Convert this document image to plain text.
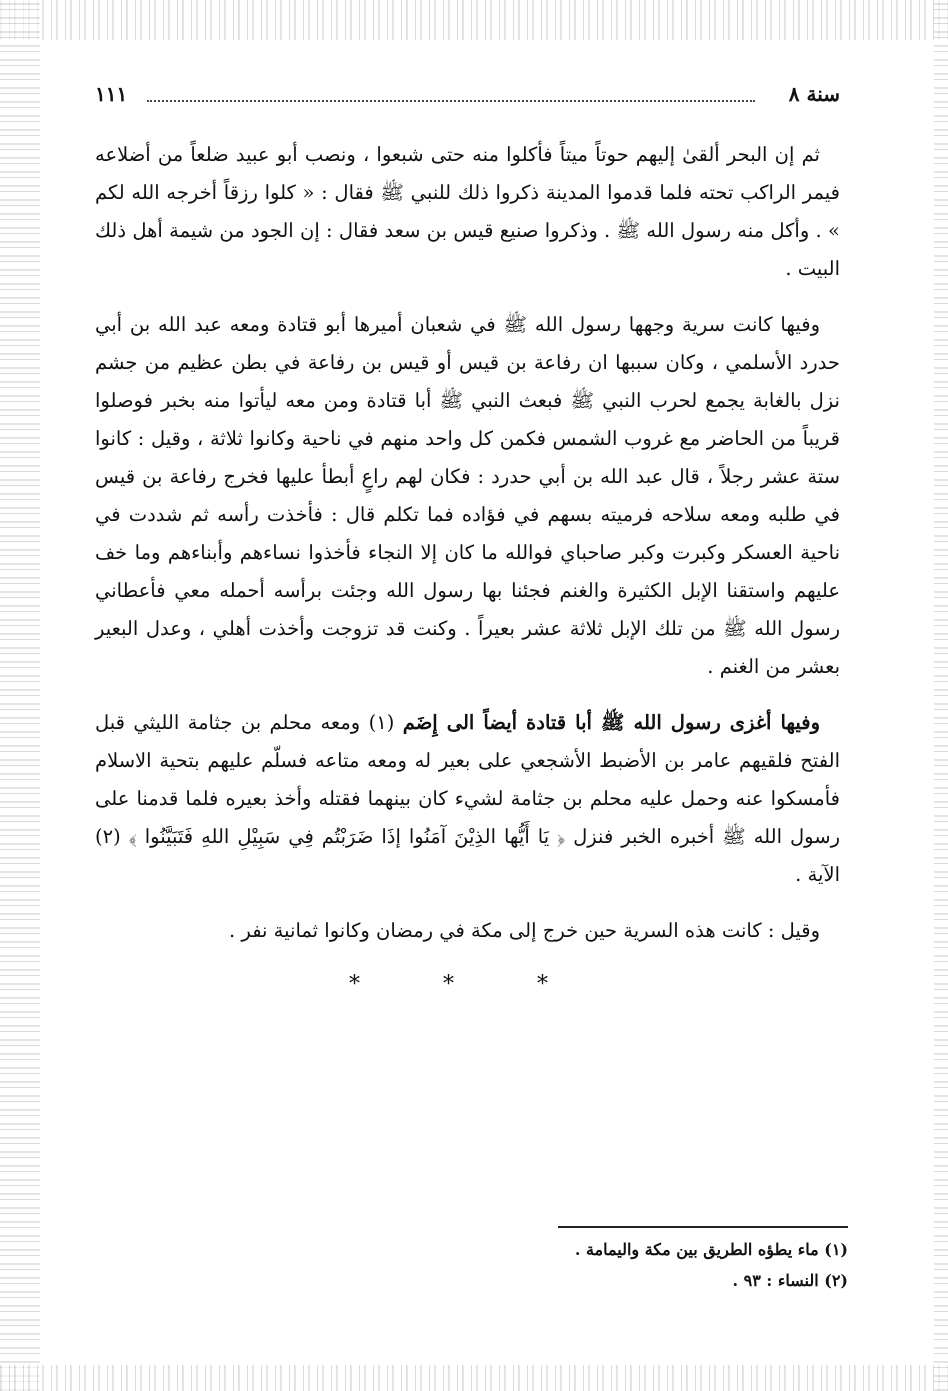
سنة ٨
١١١

ثم إن البحر ألقىٰ إليهم حوتاً ميتاً فأكلوا منه حتى شبعوا ، ونصب أبو عبيد ضلعاً من أضلاعه فيمر الراكب تحته فلما قدموا المدينة ذكروا ذلك للنبي ﷺ فقال : « كلوا رزقاً أخرجه الله لكم » . وأكل منه رسول الله ﷺ . وذكروا صنيع قيس بن سعد فقال : إن الجود من شيمة أهل ذلك البيت .

وفيها كانت سرية وجهها رسول الله ﷺ في شعبان أميرها أبو قتادة ومعه عبد الله بن أبي حدرد الأسلمي ، وكان سببها ان رفاعة بن قيس أو قيس بن رفاعة في بطن عظيم من جشم نزل بالغابة يجمع لحرب النبي ﷺ فبعث النبي ﷺ أبا قتادة ومن معه ليأتوا منه بخبر فوصلوا قريباً من الحاضر مع غروب الشمس فكمن كل واحد منهم في ناحية وكانوا ثلاثة ، وقيل : كانوا ستة عشر رجلاً ، قال عبد الله بن أبي حدرد : فكان لهم راعٍ أبطأ عليها فخرج رفاعة بن قيس في طلبه ومعه سلاحه فرميته بسهم في فؤاده فما تكلم قال : فأخذت رأسه ثم شددت في ناحية العسكر وكبرت وكبر صاحباي فوالله ما كان إلا النجاء فأخذوا نساءهم وأبناءهم وما خف عليهم واستقنا الإبل الكثيرة والغنم فجئنا بها رسول الله وجئت برأسه أحمله معي فأعطاني رسول الله ﷺ من تلك الإبل ثلاثة عشر بعيراً . وكنت قد تزوجت وأخذت أهلي ، وعدل البعير بعشر من الغنم .

وفيها أغزى رسول الله ﷺ أبا قتادة أيضاً الى إِضَم (١) ومعه محلم بن جثامة الليثي قبل الفتح فلقيهم عامر بن الأضبط الأشجعي على بعير له ومعه متاعه فسلّم عليهم بتحية الاسلام فأمسكوا عنه وحمل عليه محلم بن جثامة لشيء كان بينهما فقتله وأخذ بعيره فلما قدمنا على رسول الله ﷺ أخبره الخبر فنزل ﴿ يَا أَيُّها الذِيْنَ آمَنُوا إذَا ضَرَبْتُم فِي سَبِيْلِ اللهِ فَتَبَيَّنُوا ﴾ (٢) الآية .

وقيل : كانت هذه السرية حين خرج إلى مكة في رمضان وكانوا ثمانية نفر .

* * *
(١) ماء يطؤه الطريق بين مكة واليمامة .
(٢) النساء : ٩٣ .
